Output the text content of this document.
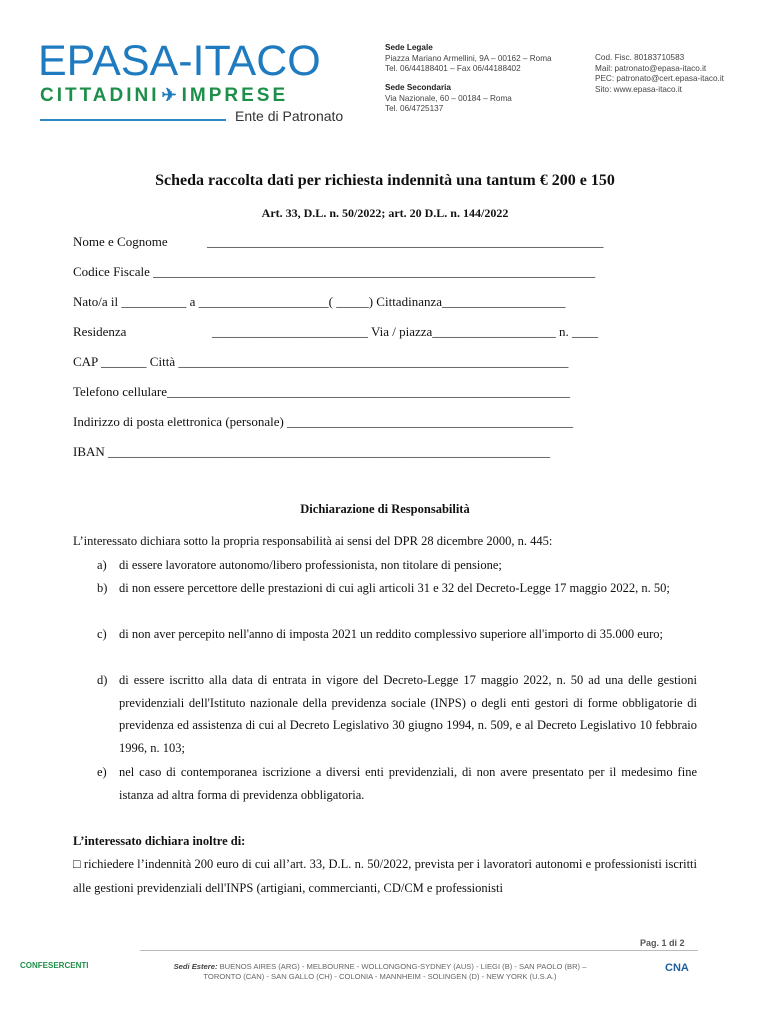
EPASA-ITACO
CITTADINI ✈ IMPRESE
Ente di Patronato
Sede Legale
Piazza Mariano Armellini, 9A – 00162 – Roma
Tel. 06/44188401 – Fax 06/44188402
Sede Secondaria
Via Nazionale, 60 – 00184 – Roma
Tel. 06/4725137
Cod. Fisc. 80183710583
Mail: patronato@epasa-itaco.it
PEC: patronato@cert.epasa-itaco.it
Sito: www.epasa-itaco.it
Scheda raccolta dati per richiesta indennità una tantum € 200 e 150
Art. 33, D.L. n. 50/2022; art. 20 D.L. n. 144/2022
Nome e Cognome	_____________________________________________________________
Codice Fiscale ____________________________________________________________________
Nato/a il __________ a ____________________( _____) Cittadinanza___________________
Residenza	________________________ Via / piazza___________________ n. ____
CAP _______ Città ____________________________________________________________
Telefono cellulare______________________________________________________________
Indirizzo di posta elettronica (personale) ____________________________________________
IBAN ____________________________________________________________________
Dichiarazione di Responsabilità
L’interessato dichiara sotto la propria responsabilità ai sensi del DPR 28 dicembre 2000, n. 445:
a) di essere lavoratore autonomo/libero professionista, non titolare di pensione;
b) di non essere percettore delle prestazioni di cui agli articoli 31 e 32 del Decreto-Legge 17 maggio 2022, n. 50;
c) di non aver percepito nell'anno di imposta 2021 un reddito complessivo superiore all'importo di 35.000 euro;
d) di essere iscritto alla data di entrata in vigore del Decreto-Legge 17 maggio 2022, n. 50 ad una delle gestioni previdenziali dell'Istituto nazionale della previdenza sociale (INPS) o degli enti gestori di forme obbligatorie di previdenza ed assistenza di cui al Decreto Legislativo 30 giugno 1994, n. 509, e al Decreto Legislativo 10 febbraio 1996, n. 103;
e) nel caso di contemporanea iscrizione a diversi enti previdenziali, di non avere presentato per il medesimo fine istanza ad altra forma di previdenza obbligatoria.
L’interessato dichiara inoltre di:
□ richiedere l’indennità 200 euro di cui all’art. 33, D.L. n. 50/2022, prevista per i lavoratori autonomi e professionisti iscritti alle gestioni previdenziali dell'INPS (artigiani, commercianti, CD/CM e professionisti
Pag. 1 di 2
CONFESERCENTI	Sedi Estere: BUENOS AIRES (ARG) - MELBOURNE - WOLLONGONG-SYDNEY (AUS) - LIEGI (B) - SAN PAOLO (BR) –
TORONTO (CAN) - SAN GALLO (CH) - COLONIA - MANNHEIM - SOLINGEN (D) - NEW YORK (U.S.A.)
CNA
